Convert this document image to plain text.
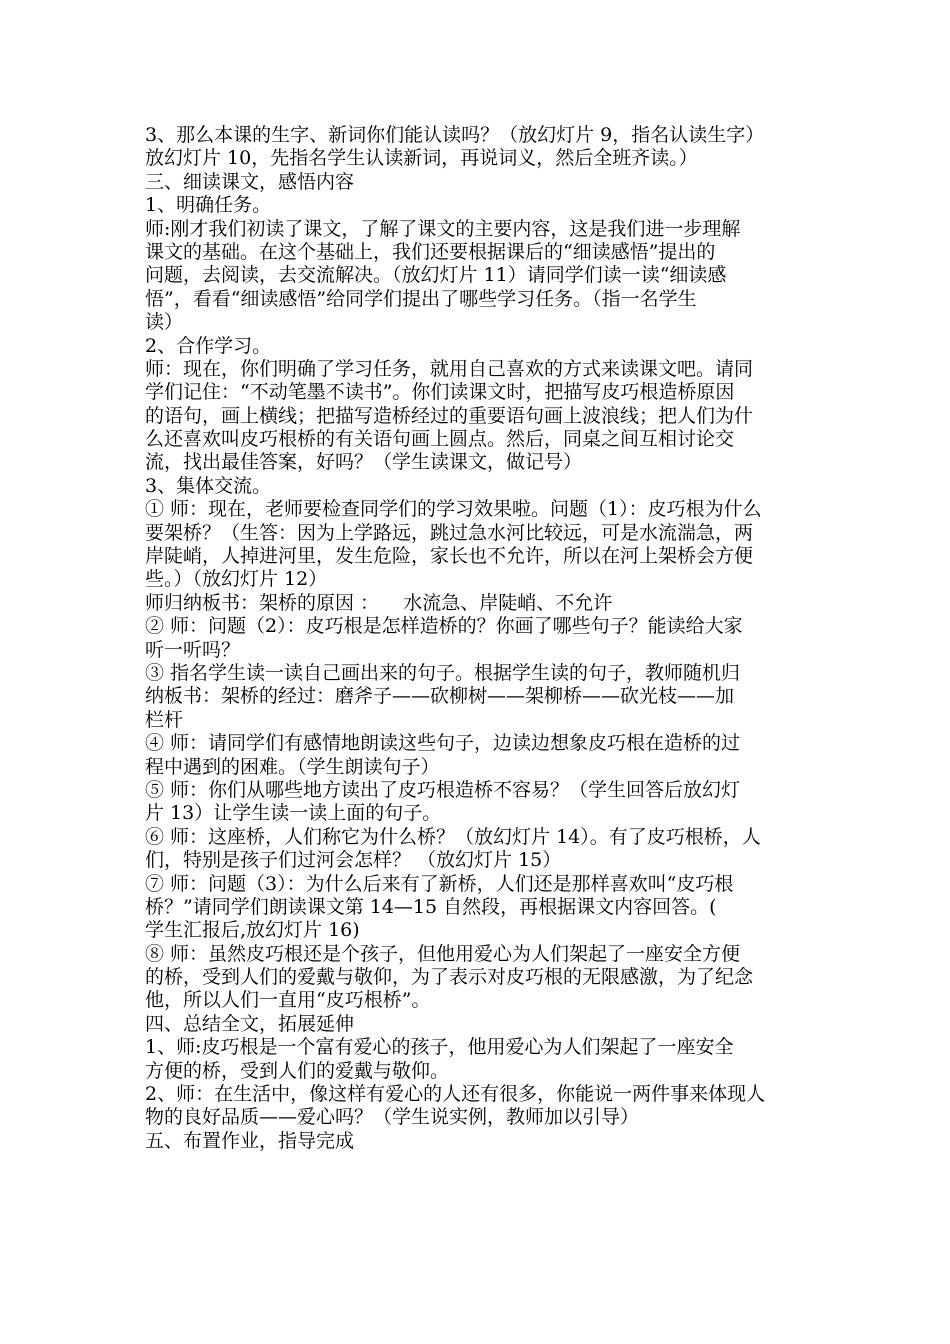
3、那么本课的生字、新词你们能认读吗？（放幻灯片 9，指名认读生字）
放幻灯片 10，先指名学生认读新词，再说词义，然后全班齐读。）
三、细读课文，感悟内容
1、明确任务。
师:刚才我们初读了课文，了解了课文的主要内容，这是我们进一步理解
课文的基础。在这个基础上，我们还要根据课后的“细读感悟”提出的
问题，去阅读，去交流解决。（放幻灯片 11）请同学们读一读“细读感
悟”，看看“细读感悟”给同学们提出了哪些学习任务。（指一名学生
读）
2、合作学习。
师：现在，你们明确了学习任务，就用自己喜欢的方式来读课文吧。请同
学们记住：“不动笔墨不读书”。你们读课文时，把描写皮巧根造桥原因
的语句，画上横线；把描写造桥经过的重要语句画上波浪线；把人们为什
么还喜欢叫皮巧根桥的有关语句画上圆点。然后，同桌之间互相讨论交
流，找出最佳答案，好吗？（学生读课文，做记号）
3、集体交流。
① 师：现在，老师要检查同学们的学习效果啦。问题（1）：皮巧根为什么
要架桥？（生答：因为上学路远，跳过急水河比较远，可是水流湍急，两
岸陡峭，人掉进河里，发生危险，家长也不允许，所以在河上架桥会方便
些。）（放幻灯片 12）
师归纳板书：架桥的原因 ：    水流急、岸陡峭、不允许
② 师：问题（2）：皮巧根是怎样造桥的？你画了哪些句子？能读给大家
听一听吗？
③ 指名学生读一读自己画出来的句子。根据学生读的句子，教师随机归
纳板书：架桥的经过：磨斧子——砍柳树——架柳桥——砍光枝——加
栏杆
④ 师：请同学们有感情地朗读这些句子，边读边想象皮巧根在造桥的过
程中遇到的困难。（学生朗读句子）
⑤ 师：你们从哪些地方读出了皮巧根造桥不容易？（学生回答后放幻灯
片 13）让学生读一读上面的句子。
⑥ 师：这座桥，人们称它为什么桥？（放幻灯片 14）。有了皮巧根桥，人
们，特别是孩子们过河会怎样？ （放幻灯片 15）
⑦ 师：问题（3）：为什么后来有了新桥，人们还是那样喜欢叫“皮巧根
桥？”请同学们朗读课文第 14—15 自然段，再根据课文内容回答。(
学生汇报后,放幻灯片 16)
⑧ 师：虽然皮巧根还是个孩子，但他用爱心为人们架起了一座安全方便
的桥，受到人们的爱戴与敬仰，为了表示对皮巧根的无限感激，为了纪念
他，所以人们一直用“皮巧根桥”。
四、总结全文，拓展延伸
1、师:皮巧根是一个富有爱心的孩子，他用爱心为人们架起了一座安全
方便的桥，受到人们的爱戴与敬仰。
2、师：在生活中，像这样有爱心的人还有很多，你能说一两件事来体现人
物的良好品质——爱心吗？（学生说实例，教师加以引导）
五、布置作业，指导完成
